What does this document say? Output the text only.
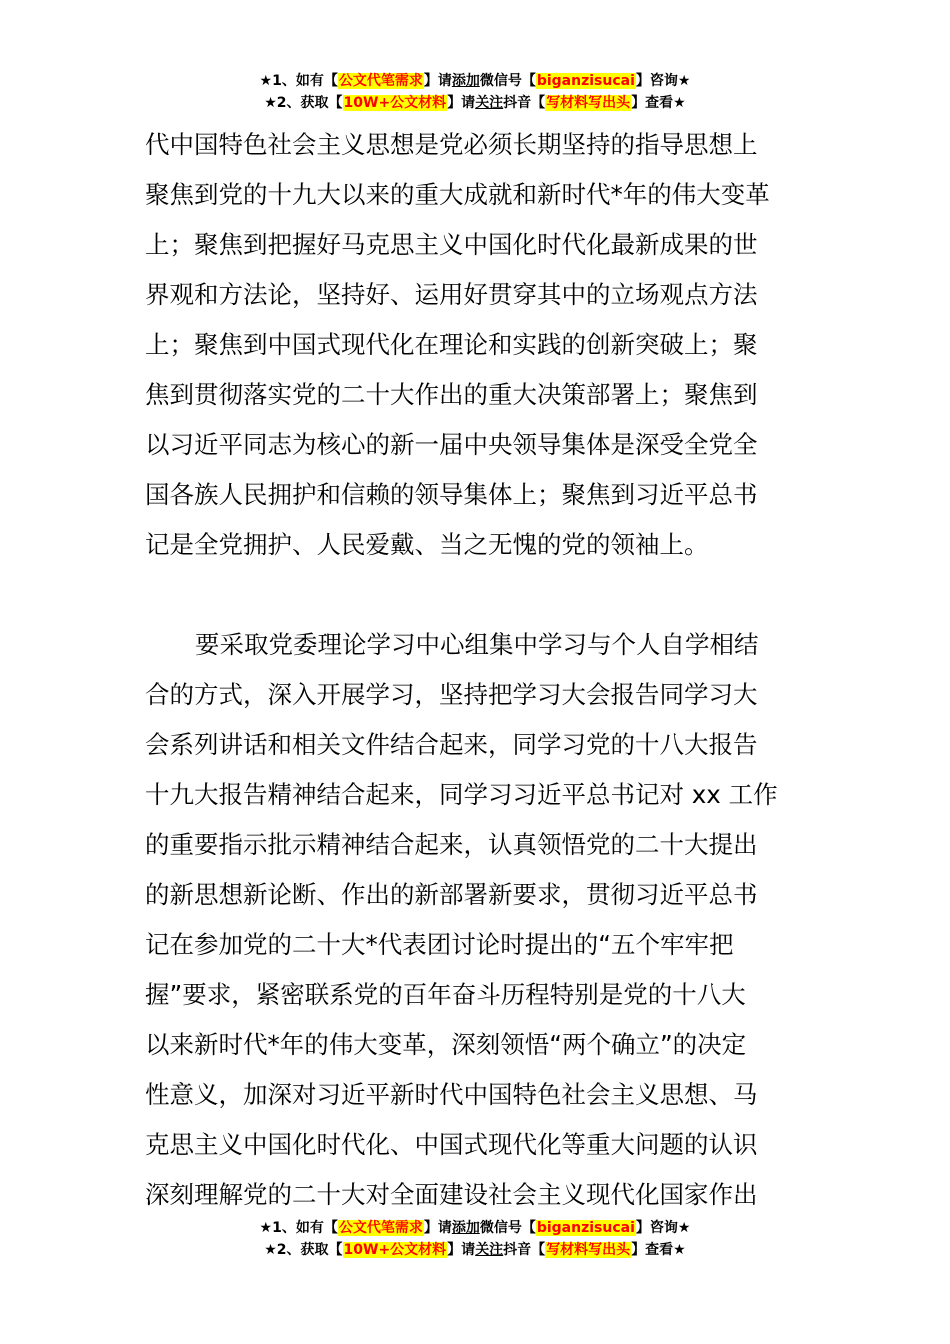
★1、如有【公文代笔需求】请添加微信号【biganzisucai】咨询★
★2、获取【10W+公文材料】请关注抖音【写材料写出头】查看★

代中国特色社会主义思想是党必须长期坚持的指导思想上

聚焦到党的十九大以来的重大成就和新时代*年的伟大变革

上；聚焦到把握好马克思主义中国化时代化最新成果的世

界观和方法论，坚持好、运用好贯穿其中的立场观点方法

上；聚焦到中国式现代化在理论和实践的创新突破上；聚

焦到贯彻落实党的二十大作出的重大决策部署上；聚焦到

以习近平同志为核心的新一届中央领导集体是深受全党全

国各族人民拥护和信赖的领导集体上；聚焦到习近平总书

记是全党拥护、人民爱戴、当之无愧的党的领袖上。

要采取党委理论学习中心组集中学习与个人自学相结

合的方式，深入开展学习，坚持把学习大会报告同学习大

会系列讲话和相关文件结合起来，同学习党的十八大报告

十九大报告精神结合起来，同学习习近平总书记对 xx 工作

的重要指示批示精神结合起来，认真领悟党的二十大提出

的新思想新论断、作出的新部署新要求，贯彻习近平总书

记在参加党的二十大*代表团讨论时提出的“五个牢牢把

握”要求，紧密联系党的百年奋斗历程特别是党的十八大

以来新时代*年的伟大变革，深刻领悟“两个确立”的决定

性意义，加深对习近平新时代中国特色社会主义思想、马

克思主义中国化时代化、中国式现代化等重大问题的认识

深刻理解党的二十大对全面建设社会主义现代化国家作出

★1、如有【公文代笔需求】请添加微信号【biganzisucai】咨询★
★2、获取【10W+公文材料】请关注抖音【写材料写出头】查看★
